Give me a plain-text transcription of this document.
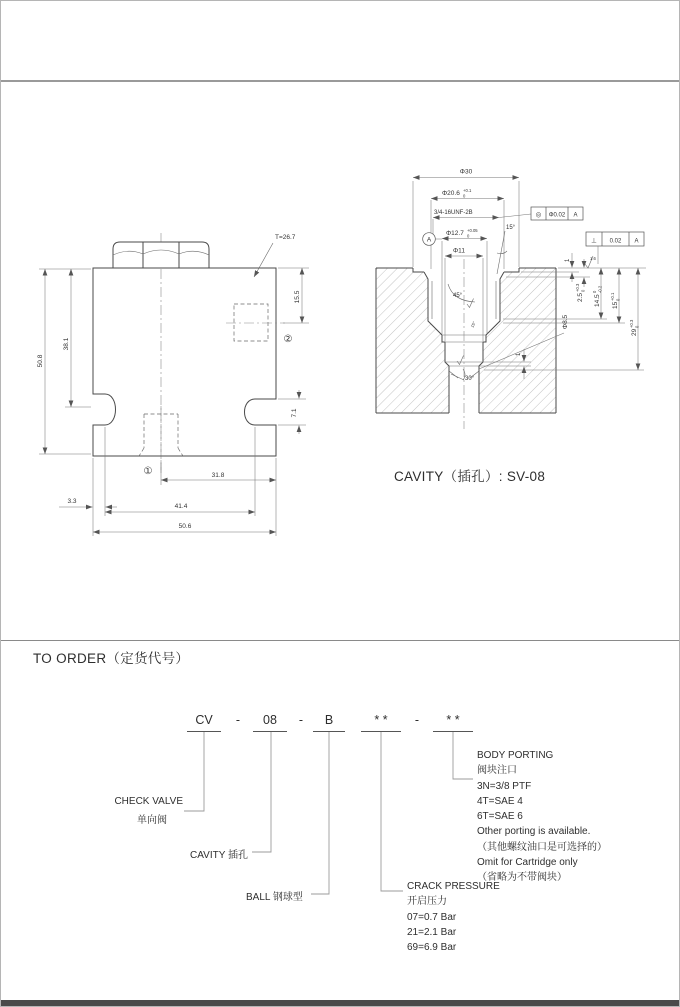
T=26.7
②
①
50.8
38.1
15.5
7.1
31.8
3.3
41.4
50.6
Φ30
Φ20.6 +0.1
0
3/4-16UNF-2B
Φ12.7 +0.05
0
Φ11
A
15°
◎ Φ0.02 A
⊥ 0.02 A
1.6
45°
15°
30°
1
2.5
+0.3 0
14.5
0 -0.2
15
+0.1 0
29
+0.3 0
1
Φ8.5
CAVITY（插孔）: SV-08
TO ORDER（定货代号）
CV	-	08	-	B	* *	-	* *
CHECK VALVE
单向阀
CAVITY 插孔
BALL 钢球型
CRACK PRESSURE
开启压力
07=0.7 Bar
21=2.1 Bar
69=6.9 Bar
BODY PORTING
阀块注口
3N=3/8 PTF
4T=SAE 4
6T=SAE 6
Other porting is available.
（其他螺纹油口是可选择的）
Omit for Cartridge only
（省略为不带阀块）
